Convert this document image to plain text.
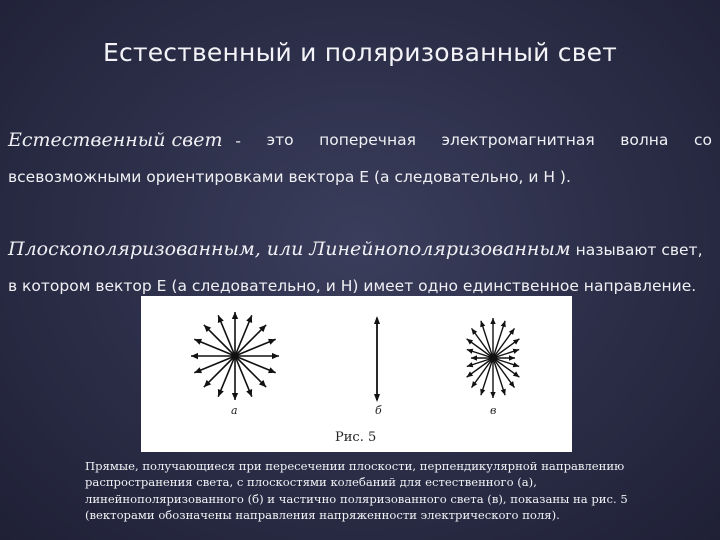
Естественный и поляризованный свет
Естественный свет - это поперечная электромагнитная волна со
всевозможными ориентировками вектора E (а следовательно, и H ).
Плоскополяризованным, или Линейнополяризованным называют свет,
в котором вектор E (а следовательно, и H) имеет одно единственное направление.
а	б	в
Рис. 5
Прямые, получающиеся при пересечении плоскости, перпендикулярной направлению распространения света, с плоскостями колебаний для естественного (а), линейнополяризованного (б) и частично поляризованного света (в), показаны на рис. 5 (векторами обозначены направления напряженности электрического поля).
